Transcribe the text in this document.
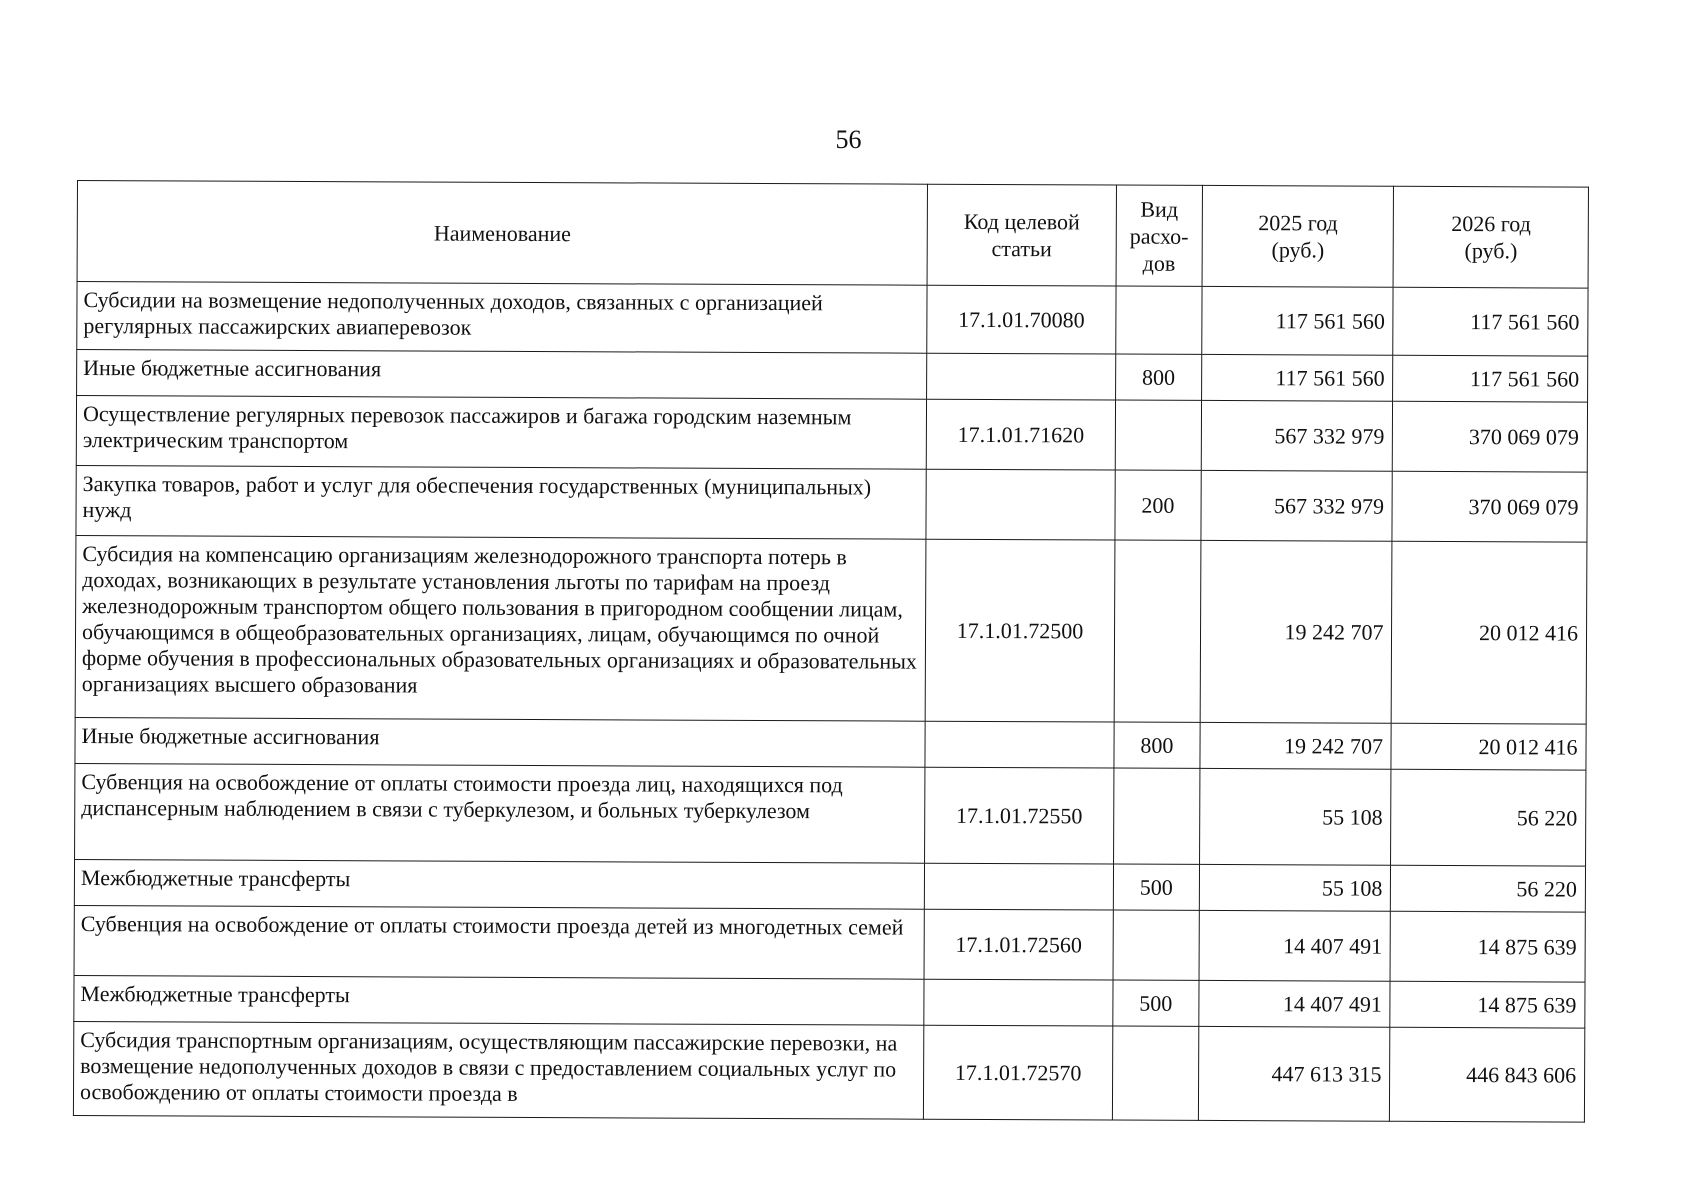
56
Наименование	Код целевой статьи	Вид расхо-дов	2025 год (руб.)	2026 год (руб.)
Субсидии на возмещение недополученных доходов, связанных с организацией регулярных пассажирских авиаперевозок	17.1.01.70080		117 561 560	117 561 560
Иные бюджетные ассигнования		800	117 561 560	117 561 560
Осуществление регулярных перевозок пассажиров и багажа городским наземным электрическим транспортом	17.1.01.71620		567 332 979	370 069 079
Закупка товаров, работ и услуг для обеспечения государственных (муниципальных) нужд		200	567 332 979	370 069 079
Субсидия на компенсацию организациям железнодорожного транспорта потерь в доходах, возникающих в результате установления льготы по тарифам на проезд железнодорожным транспортом общего пользования в пригородном сообщении лицам, обучающимся в общеобразовательных организациях, лицам, обучающимся по очной форме обучения в профессиональных образовательных организациях и образовательных организациях высшего образования	17.1.01.72500		19 242 707	20 012 416
Иные бюджетные ассигнования		800	19 242 707	20 012 416
Субвенция на освобождение от оплаты стоимости проезда лиц, находящихся под диспансерным наблюдением в связи с туберкулезом, и больных туберкулезом	17.1.01.72550		55 108	56 220
Межбюджетные трансферты		500	55 108	56 220
Субвенция на освобождение от оплаты стоимости проезда детей из многодетных семей	17.1.01.72560		14 407 491	14 875 639
Межбюджетные трансферты		500	14 407 491	14 875 639
Субсидия транспортным организациям, осуществляющим пассажирские перевозки, на возмещение недополученных доходов в связи с предоставлением социальных услуг по освобождению от оплаты стоимости проезда в	17.1.01.72570		447 613 315	446 843 606
